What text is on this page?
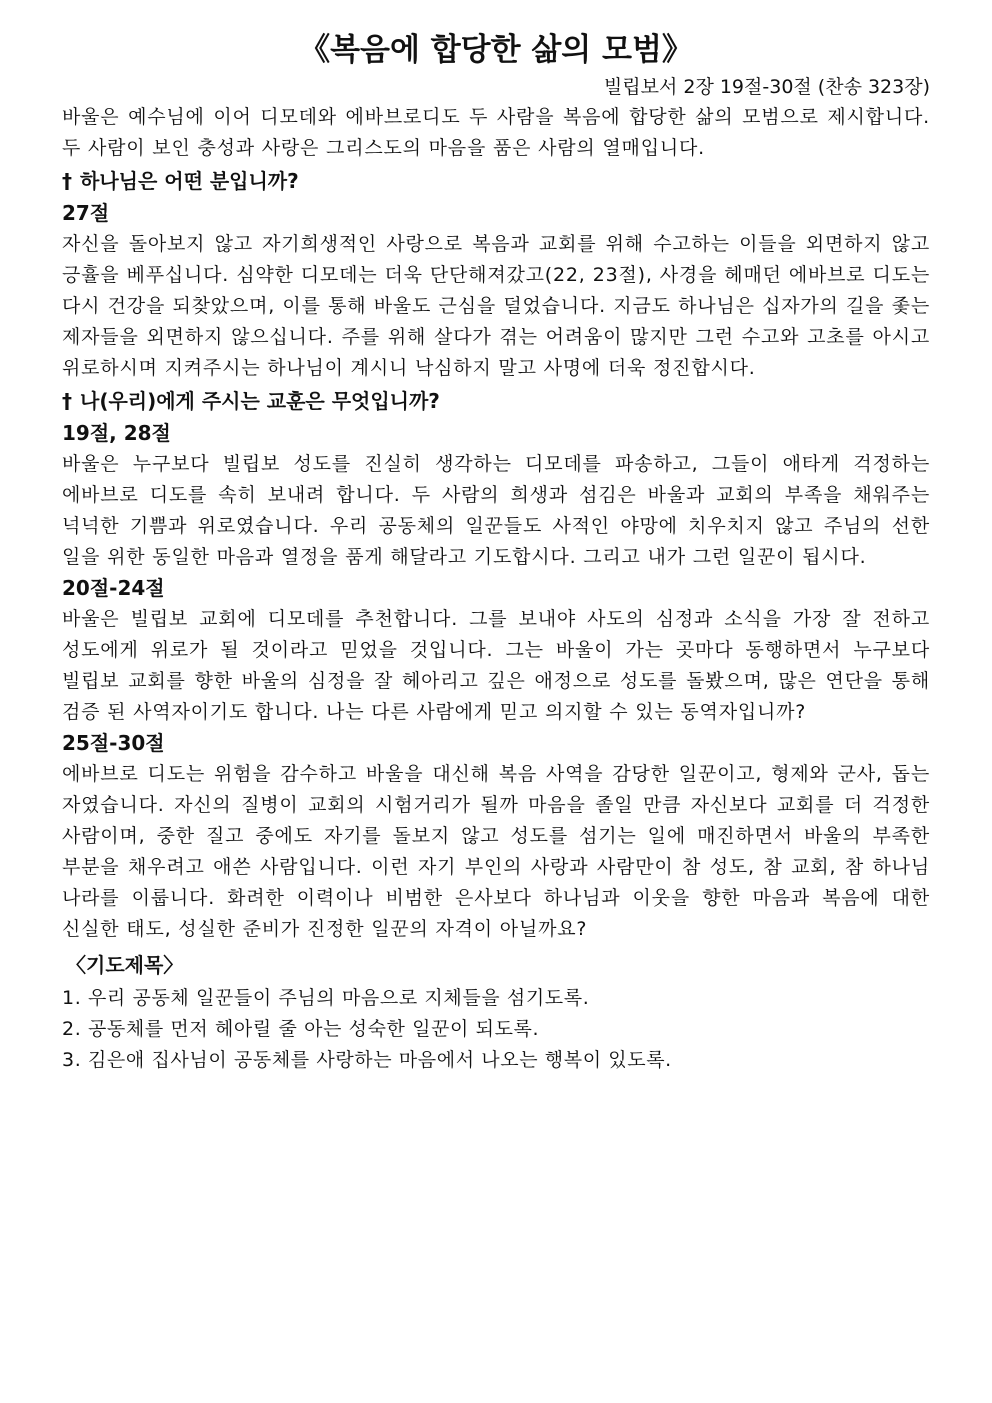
《복음에 합당한 삶의 모범》

빌립보서 2장 19절-30절 (찬송 323장)

바울은 예수님에 이어 디모데와 에바브로디도 두 사람을 복음에 합당한 삶의 모범으로 제시합니다. 두 사람이 보인 충성과 사랑은 그리스도의 마음을 품은 사람의 열매입니다.

† 하나님은 어떤 분입니까?

27절

자신을 돌아보지 않고 자기희생적인 사랑으로 복음과 교회를 위해 수고하는 이들을 외면하지 않고 긍휼을 베푸십니다. 심약한 디모데는 더욱 단단해져갔고(22, 23절), 사경을 헤매던 에바브로 디도는 다시 건강을 되찾았으며, 이를 통해 바울도 근심을 덜었습니다. 지금도 하나님은 십자가의 길을 좇는 제자들을 외면하지 않으십니다. 주를 위해 살다가 겪는 어려움이 많지만 그런 수고와 고초를 아시고 위로하시며 지켜주시는 하나님이 계시니 낙심하지 말고 사명에 더욱 정진합시다.

† 나(우리)에게 주시는 교훈은 무엇입니까?

19절, 28절

바울은 누구보다 빌립보 성도를 진실히 생각하는 디모데를 파송하고, 그들이 애타게 걱정하는 에바브로 디도를 속히 보내려 합니다. 두 사람의 희생과 섬김은 바울과 교회의 부족을 채워주는 넉넉한 기쁨과 위로였습니다. 우리 공동체의 일꾼들도 사적인 야망에 치우치지 않고 주님의 선한 일을 위한 동일한 마음과 열정을 품게 해달라고 기도합시다. 그리고 내가 그런 일꾼이 됩시다.

20절-24절

바울은 빌립보 교회에 디모데를 추천합니다. 그를 보내야 사도의 심정과 소식을 가장 잘 전하고 성도에게 위로가 될 것이라고 믿었을 것입니다. 그는 바울이 가는 곳마다 동행하면서 누구보다 빌립보 교회를 향한 바울의 심정을 잘 헤아리고 깊은 애정으로 성도를 돌봤으며, 많은 연단을 통해 검증 된 사역자이기도 합니다. 나는 다른 사람에게 믿고 의지할 수 있는 동역자입니까?

25절-30절

에바브로 디도는 위험을 감수하고 바울을 대신해 복음 사역을 감당한 일꾼이고, 형제와 군사, 돕는 자였습니다. 자신의 질병이 교회의 시험거리가 될까 마음을 졸일 만큼 자신보다 교회를 더 걱정한 사람이며, 중한 질고 중에도 자기를 돌보지 않고 성도를 섬기는 일에 매진하면서 바울의 부족한 부분을 채우려고 애쓴 사람입니다. 이런 자기 부인의 사랑과 사람만이 참 성도, 참 교회, 참 하나님 나라를 이룹니다. 화려한 이력이나 비범한 은사보다 하나님과 이웃을 향한 마음과 복음에 대한 신실한 태도, 성실한 준비가 진정한 일꾼의 자격이 아닐까요?

〈기도제목〉

1. 우리 공동체 일꾼들이 주님의 마음으로 지체들을 섬기도록.
2. 공동체를 먼저 헤아릴 줄 아는 성숙한 일꾼이 되도록.
3. 김은애 집사님이 공동체를 사랑하는 마음에서 나오는 행복이 있도록.
